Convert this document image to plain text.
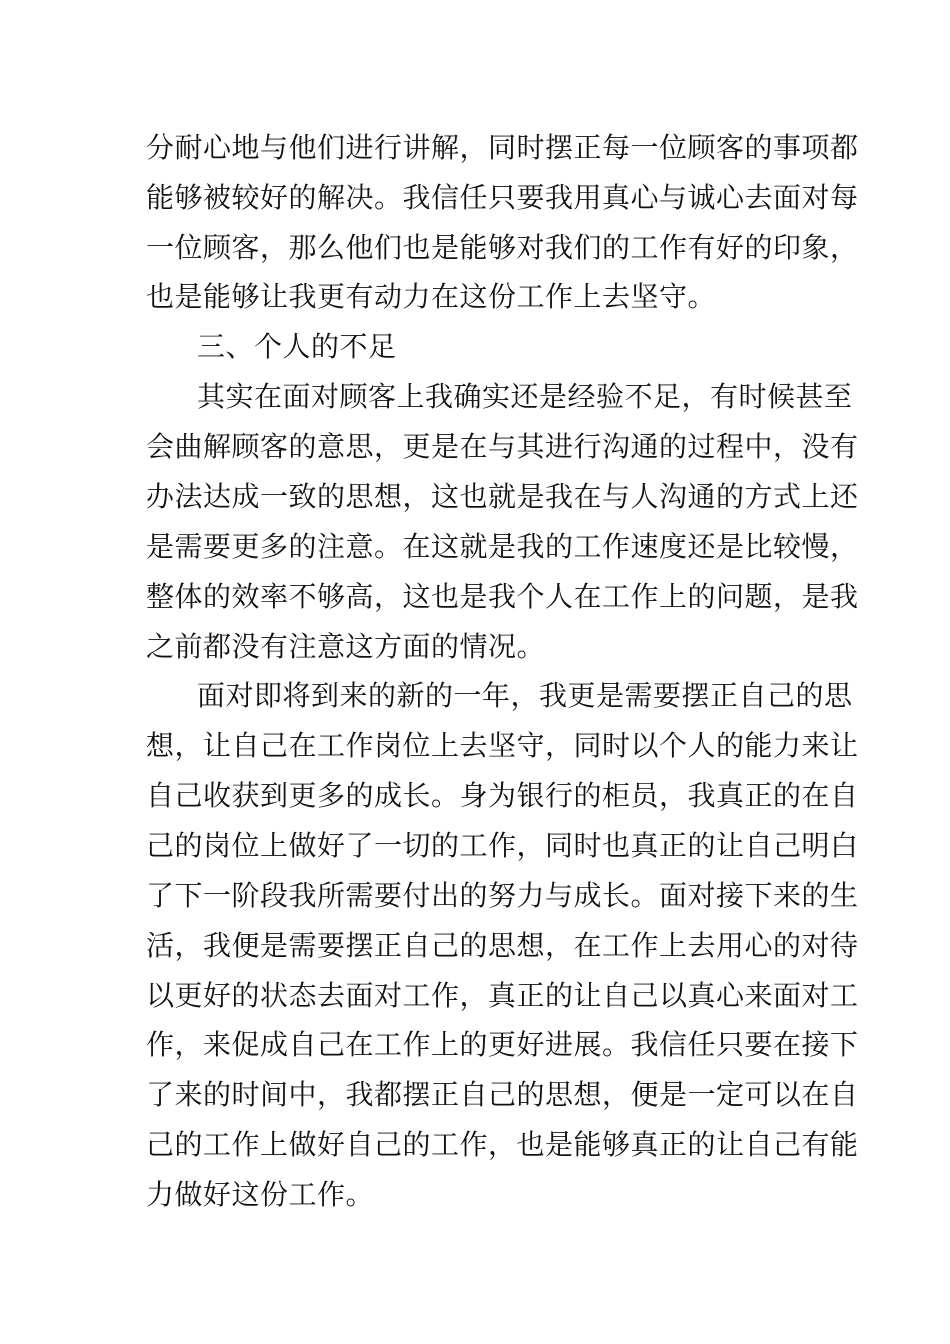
分耐心地与他们进行讲解，同时摆正每一位顾客的事项都
能够被较好的解决。我信任只要我用真心与诚心去面对每
一位顾客，那么他们也是能够对我们的工作有好的印象，
也是能够让我更有动力在这份工作上去坚守。
三、个人的不足
其实在面对顾客上我确实还是经验不足，有时候甚至
会曲解顾客的意思，更是在与其进行沟通的过程中，没有
办法达成一致的思想，这也就是我在与人沟通的方式上还
是需要更多的注意。在这就是我的工作速度还是比较慢，
整体的效率不够高，这也是我个人在工作上的问题，是我
之前都没有注意这方面的情况。
面对即将到来的新的一年，我更是需要摆正自己的思
想，让自己在工作岗位上去坚守，同时以个人的能力来让
自己收获到更多的成长。身为银行的柜员，我真正的在自
己的岗位上做好了一切的工作，同时也真正的让自己明白
了下一阶段我所需要付出的努力与成长。面对接下来的生
活，我便是需要摆正自己的思想，在工作上去用心的对待
以更好的状态去面对工作，真正的让自己以真心来面对工
作，来促成自己在工作上的更好进展。我信任只要在接下
了来的时间中，我都摆正自己的思想，便是一定可以在自
己的工作上做好自己的工作，也是能够真正的让自己有能
力做好这份工作。
